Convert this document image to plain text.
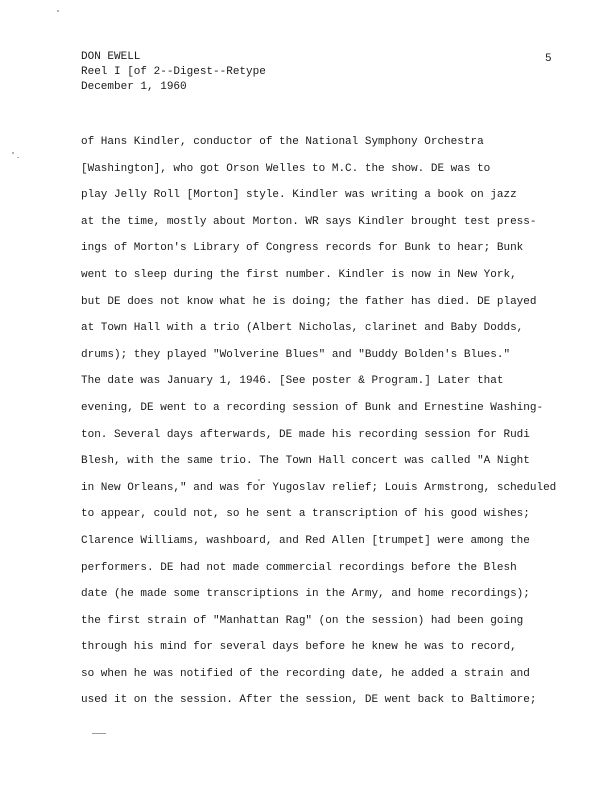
DON EWELL
Reel I [of 2--Digest--Retype
December 1, 1960
5
of Hans Kindler, conductor of the National Symphony Orchestra
[Washington], who got Orson Welles to M.C. the show. DE was to
play Jelly Roll [Morton] style. Kindler was writing a book on jazz
at the time, mostly about Morton. WR says Kindler brought test press-
ings of Morton's Library of Congress records for Bunk to hear; Bunk
went to sleep during the first number. Kindler is now in New York,
but DE does not know what he is doing; the father has died. DE played
at Town Hall with a trio (Albert Nicholas, clarinet and Baby Dodds,
drums); they played "Wolverine Blues" and "Buddy Bolden's Blues."
The date was January 1, 1946. [See poster & Program.] Later that
evening, DE went to a recording session of Bunk and Ernestine Washing-
ton. Several days afterwards, DE made his recording session for Rudi
Blesh, with the same trio. The Town Hall concert was called "A Night
in New Orleans," and was for Yugoslav relief; Louis Armstrong, scheduled
to appear, could not, so he sent a transcription of his good wishes;
Clarence Williams, washboard, and Red Allen [trumpet] were among the
performers. DE had not made commercial recordings before the Blesh
date (he made some transcriptions in the Army, and home recordings);
the first strain of "Manhattan Rag" (on the session) had been going
through his mind for several days before he knew he was to record,
so when he was notified of the recording date, he added a strain and
used it on the session. After the session, DE went back to Baltimore;
